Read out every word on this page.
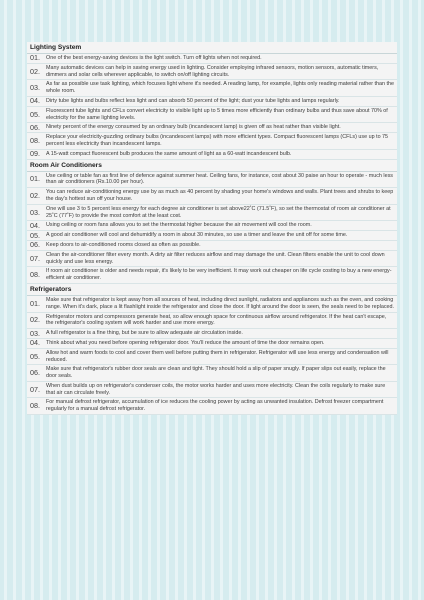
Lighting System
01.	One of the best energy-saving devices is the light switch. Turn off lights when not required.
02.	Many automatic devices can help in saving energy used in lighting. Consider employing infrared sensors, motion sensors, automatic timers, dimmers and solar cells wherever applicable, to switch on/off lighting circuits.
03.	As far as possible use task lighting, which focuses light where it's needed. A reading lamp, for example, lights only reading material rather than the whole room.
04.	Dirty tube lights and bulbs reflect less light and can absorb 50 percent of the light; dust your tube lights and lamps regularly.
05.	Fluorescent tube lights and CFLs convert electricity to visible light up to 5 times more efficiently than ordinary bulbs and thus save about 70% of electricity for the same lighting levels.
06.	Ninety percent of the energy consumed by an ordinary bulb (incandescent lamp) is given off as heat rather than visible light.
08.	Replace your electricity-guzzling ordinary bulbs (incandescent lamps) with more efficient types. Compact fluorescent lamps (CFLs) use up to 75 percent less electricity than incandescent lamps.
09.	A 15-watt compact fluorescent bulb produces the same amount of light as a 60-watt incandescent bulb.
Room Air Conditioners
01.	Use ceiling or table fan as first line of defence against summer heat. Ceiling fans, for instance, cost about 30 paise an hour to operate - much less than air conditioners (Rs.10.00 per hour).
02.	You can reduce air-conditioning energy use by as much as 40 percent by shading your home's windows and walls. Plant trees and shrubs to keep the day's hottest sun off your house.
03.	One will use 3 to 5 percent less energy for each degree air conditioner is set above22˚C (71.5˚F), so set the thermostat of room air conditioner at 25˚C (77˚F) to provide the most comfort at the least cost.
04.	Using ceiling or room fans allows you to set the thermostat higher because the air movement will cool the room.
05.	A good air conditioner will cool and dehumidify a room in about 30 minutes, so use a timer and leave the unit off for some time.
06.	Keep doors to air-conditioned rooms closed as often as possible.
07.	Clean the air-conditioner filter every month. A dirty air filter reduces airflow and may damage the unit. Clean filters enable the unit to cool down quickly and use less energy.
08.	If room air conditioner is older and needs repair, it's likely to be very inefficient. It may work out cheaper on life cycle costing to buy a new energy-efficient air conditioner.
Refrigerators
01.	Make sure that refrigerator is kept away from all sources of heat, including direct sunlight, radiators and appliances such as the oven, and cooking range. When it's dark, place a lit flashlight inside the refrigerator and close the door. If light around the door is seen, the seals need to be replaced.
02.	Refrigerator motors and compressors generate heat, so allow enough space for continuous airflow around refrigerator. If the heat can't escape, the refrigerator's cooling system will work harder and use more energy.
03.	A full refrigerator is a fine thing, but be sure to allow adequate air circulation inside.
04.	Think about what you need before opening refrigerator door. You'll reduce the amount of time the door remains open.
05.	Allow hot and warm foods to cool and cover them well before putting them in refrigerator. Refrigerator will use less energy and condensation will reduced.
06.	Make sure that refrigerator's rubber door seals are clean and tight. They should hold a slip of paper snugly. If paper slips out easily, replace the door seals.
07.	When dust builds up on refrigerator's condenser coils, the motor works harder and uses more electricity. Clean the coils regularly to make sure that air can circulate freely.
08.	For manual defrost refrigerator, accumulation of ice reduces the cooling power by acting as unwanted insulation. Defrost freezer compartment regularly for a manual defrost refrigerator.
